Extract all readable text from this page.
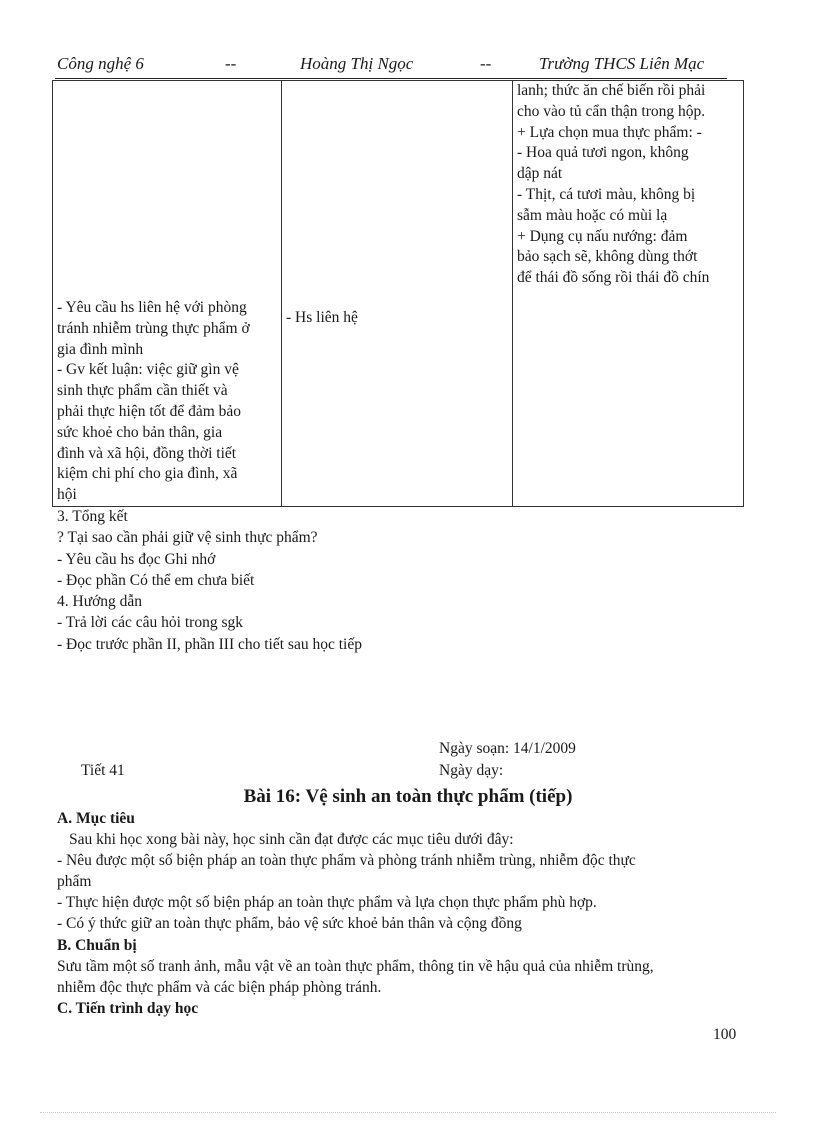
Công nghệ 6	--	Hoàng Thị Ngọc	--	Trường THCS Liên Mạc
- Yêu cầu hs liên hệ với phòng
tránh nhiễm trùng thực phẩm ở
gia đình mình
- Gv kết luận: việc giữ gìn vệ
sinh thực phẩm cần thiết và
phải thực hiện tốt để đảm bảo
sức khoẻ cho bản thân, gia
đình và xã hội, đồng thời tiết
kiệm chi phí cho gia đình, xã
hội

- Hs liên hệ

lanh; thức ăn chế biến rồi phải
cho vào tủ cẩn thận trong hộp.
+ Lựa chọn mua thực phẩm: -
- Hoa quả tươi ngon, không
dập nát
- Thịt, cá tươi màu, không bị
sẫm màu hoặc có mùi lạ
+ Dụng cụ nấu nướng: đảm
bảo sạch sẽ, không dùng thớt
để thái đồ sống rồi thái đồ chín
3. Tổng kết
? Tại sao cần phải giữ vệ sinh thực phẩm?
- Yêu cầu hs đọc Ghi nhớ
- Đọc phần Có thể em chưa biết
4. Hướng dẫn
- Trả lời các câu hỏi trong sgk
- Đọc trước phần II, phần III cho tiết sau học tiếp
Ngày soạn: 14/1/2009
Tiết 41	Ngày dạy:
Bài 16: Vệ sinh an toàn thực phẩm (tiếp)
A. Mục tiêu
Sau khi học xong bài này, học sinh cần đạt được các mục tiêu dưới đây:
- Nêu được một số biện pháp an toàn thực phẩm và phòng tránh nhiễm trùng, nhiễm độc thực
phẩm
- Thực hiện được một số biện pháp an toàn thực phẩm và lựa chọn thực phẩm phù hợp.
- Có ý thức giữ an toàn thực phẩm, bảo vệ sức khoẻ bản thân và cộng đồng
B. Chuẩn bị
Sưu tầm một số tranh ảnh, mẫu vật về an toàn thực phẩm, thông tin về hậu quả của nhiễm trùng,
nhiễm độc thực phẩm và các biện pháp phòng tránh.
C. Tiến trình dạy học
100
